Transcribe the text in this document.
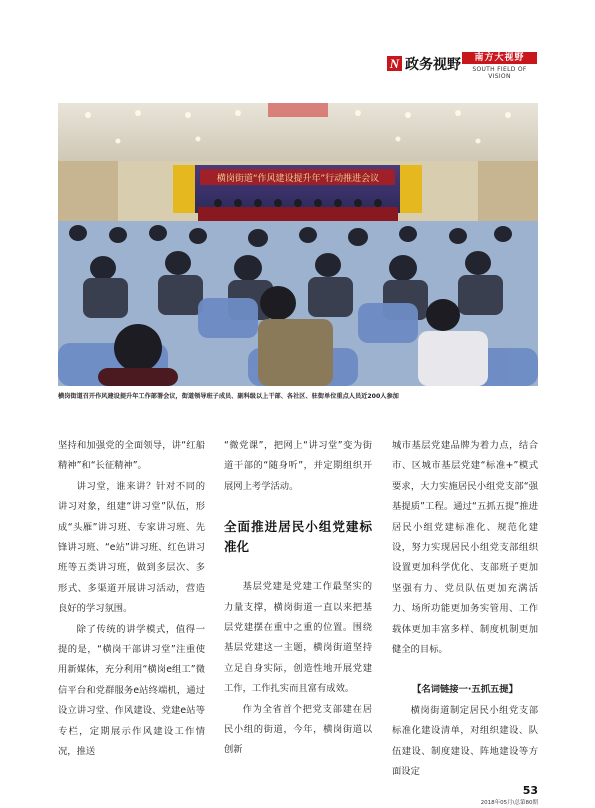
N 政务视野	南方大视野
SOUTH FIELD OF VISION
横岗街道“作风建设提升年”行动推进会议
横岗街道召开作风建设提升年工作部署会议，街道领导班子成员、副科级以上干部、各社区、驻街单位重点人员近200人参加

坚持和加强党的全面领导，讲“红船精神”和“长征精神”。

讲习堂，谁来讲？针对不同的讲习对象，组建“讲习堂”队伍，形成“头雁”讲习班、专家讲习班、先锋讲习班、“e站”讲习班、红色讲习班等五类讲习班，做到多层次、多形式、多渠道开展讲习活动，营造良好的学习氛围。

除了传统的讲学模式，值得一提的是，“横岗干部讲习堂”注重使用新媒体，充分利用“横岗e组工”微信平台和党群服务e站终端机，通过设立讲习堂、作风建设、党建e站等专栏，定期展示作风建设工作情况，推送

“微党课”，把网上“讲习堂”变为街道干部的“随身听”，并定期组织开展网上考学活动。

全面推进居民小组党建标准化

基层党建是党建工作最坚实的力量支撑，横岗街道一直以来把基层党建摆在重中之重的位置。围绕基层党建这一主题，横岗街道坚持立足自身实际，创造性地开展党建工作，工作扎实而且富有成效。

作为全省首个把党支部建在居民小组的街道，今年，横岗街道以创新

城市基层党建品牌为着力点，结合市、区城市基层党建“标准+”模式要求，大力实施居民小组党支部“强基提质”工程。通过“五抓五提”推进居民小组党建标准化、规范化建设，努力实现居民小组党支部组织设置更加科学优化、支部班子更加坚强有力、党员队伍更加充满活力、场所功能更加务实管用、工作载体更加丰富多样、制度机制更加健全的目标。

【名词链接一·五抓五提】

横岗街道制定居民小组党支部标准化建设清单，对组织建设、队伍建设、制度建设、阵地建设等方面设定

53
2018年05月\总第80期
